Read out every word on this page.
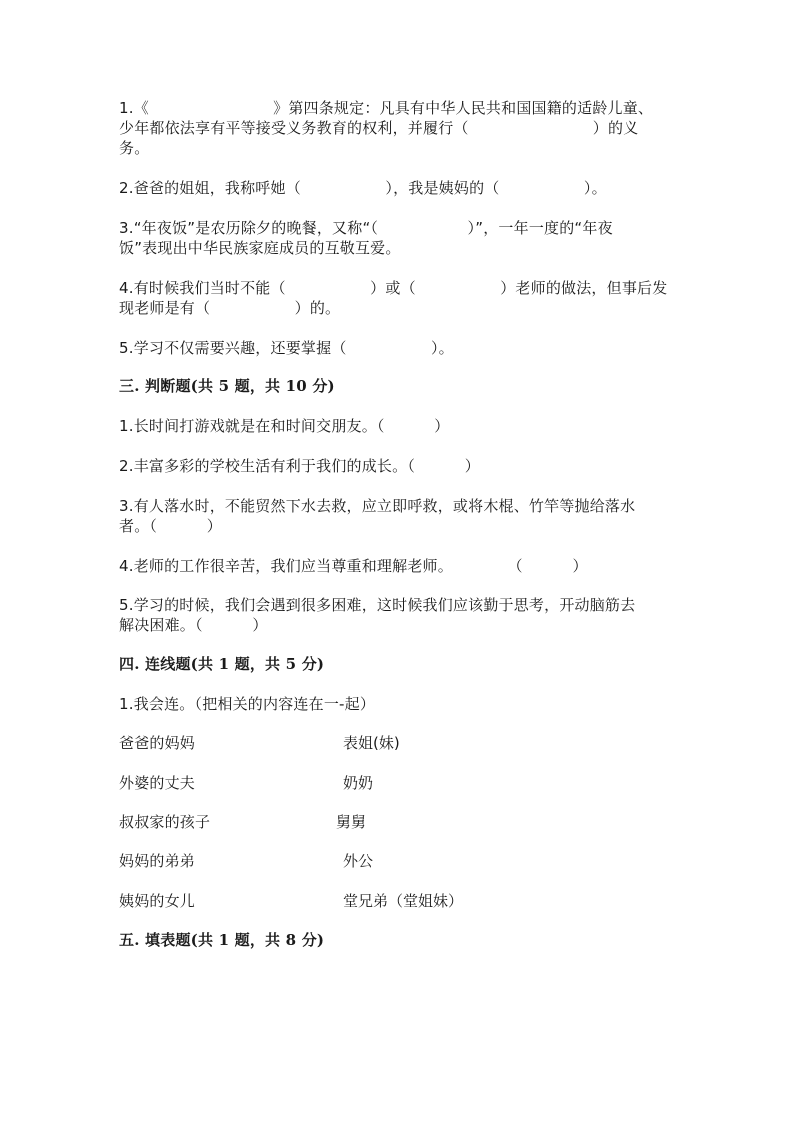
1.《                         》第四条规定：凡具有中华人民共和国国籍的适龄儿童、
少年都依法享有平等接受义务教育的权利，并履行（                         ）的义
务。
2.爸爸的姐姐，我称呼她（                 ），我是姨妈的（                 ）。
3.“年夜饭”是农历除夕的晚餐，又称“（                  ）”，一年一度的“年夜
饭”表现出中华民族家庭成员的互敬互爱。
4.有时候我们当时不能（                 ）或（                 ）老师的做法，但事后发
现老师是有（                 ）的。
5.学习不仅需要兴趣，还要掌握（                 ）。
三. 判断题(共 5 题，共 10 分)
1.长时间打游戏就是在和时间交朋友。（          ）
2.丰富多彩的学校生活有利于我们的成长。（          ）
3.有人落水时，不能贸然下水去救，应立即呼救，或将木棍、竹竿等抛给落水
者。（          ）
4.老师的工作很辛苦，我们应当尊重和理解老师。           （          ）
5.学习的时候，我们会遇到很多困难，这时候我们应该勤于思考，开动脑筋去
解决困难。（          ）
四. 连线题(共 1 题，共 5 分)
1.我会连。（把相关的内容连在一-起）
爸爸的妈妈	表姐(妹)
外婆的丈夫	奶奶
叔叔家的孩子	舅舅
妈妈的弟弟	外公
姨妈的女儿	堂兄弟（堂姐妹）
五. 填表题(共 1 题，共 8 分)
